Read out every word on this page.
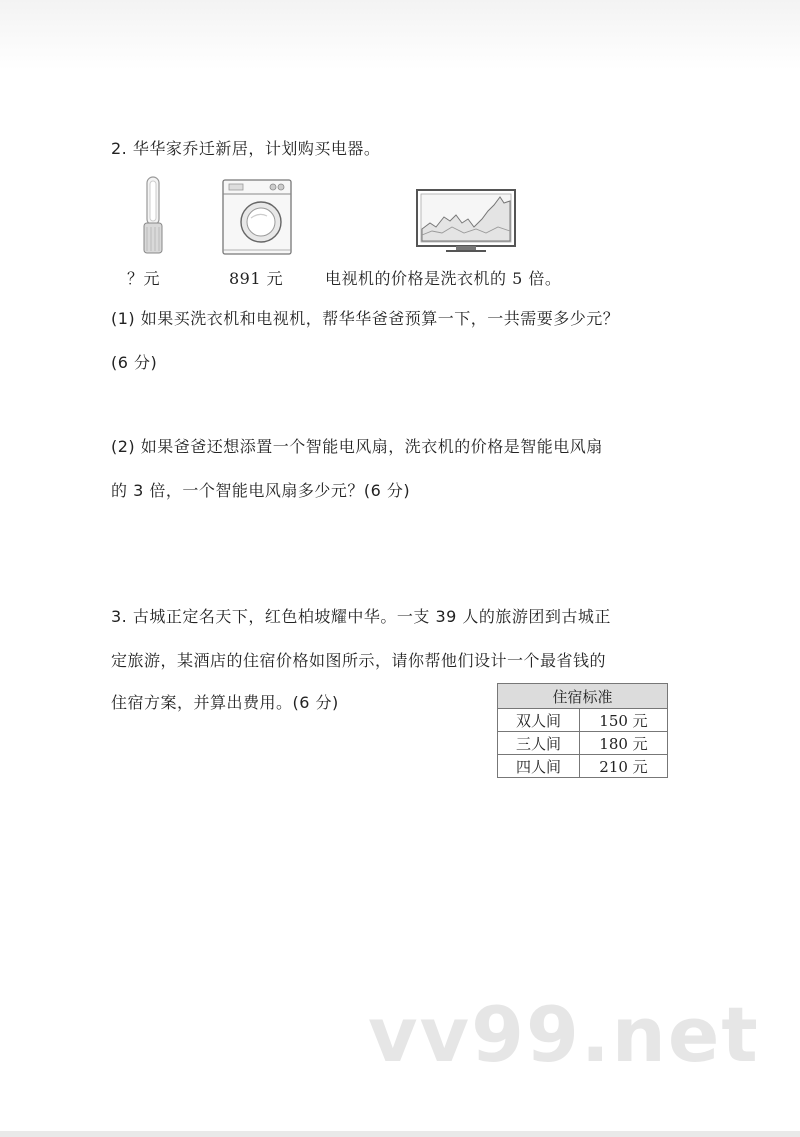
2. 华华家乔迁新居，计划购买电器。
？元	891 元	电视机的价格是洗衣机的 5 倍。
(1) 如果买洗衣机和电视机，帮华华爸爸预算一下，一共需要多少元？
(6 分)
(2) 如果爸爸还想添置一个智能电风扇，洗衣机的价格是智能电风扇
的 3 倍，一个智能电风扇多少元？(6 分)
3. 古城正定名天下，红色柏坡耀中华。一支 39 人的旅游团到古城正
定旅游，某酒店的住宿价格如图所示，请你帮他们设计一个最省钱的
住宿方案，并算出费用。(6 分)	住宿标准	
双人间	150 元
三人间	180 元
四人间	210 元
vv99.net
